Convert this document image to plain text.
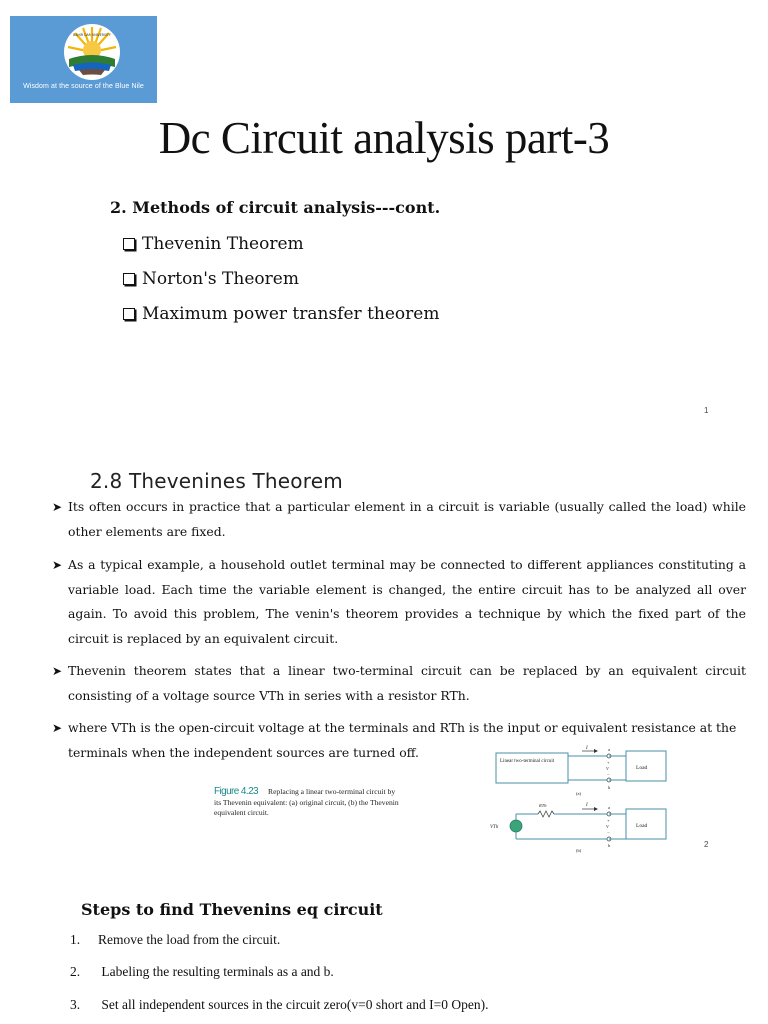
BAHIR DAR UNIVERSITY
Wisdom at the source of the Blue Nile
Dc Circuit analysis part-3
2. Methods of circuit analysis---cont.
Thevenin Theorem
Norton's Theorem
Maximum power transfer theorem
1
2.8 Thevenines Theorem
➤ Its often occurs in practice that a particular element in a circuit is variable (usually called the load) while other elements are fixed.
➤ As a typical example, a household outlet terminal may be connected to different appliances constituting a variable load. Each time the variable element is changed, the entire circuit has to be analyzed all over again. To avoid this problem, The venin's theorem provides a technique by which the fixed part of the circuit is replaced by an equivalent circuit.
➤ Thevenin theorem states that a linear two-terminal circuit can be replaced by an equivalent circuit consisting of a voltage source VTh in series with a resistor RTh.
➤ where VTh is the open-circuit voltage at the terminals and RTh is the input or equivalent resistance at the terminals when the independent sources are turned off.
Figure 4.23 Replacing a linear two-terminal circuit by its Thevenin equivalent: (a) original circuit, (b) the Thevenin equivalent circuit.
Linear two-terminal circuit
I	a
b
+
V
−
Load
(a)
RTh	I
VTh
a
b
+
V
−
Load
(b)
2
Steps to find Thevenins eq circuit
1. Remove the load from the circuit.
2. Labeling the resulting terminals as a and b.
3. Set all independent sources in the circuit zero(v=0 short and I=0 Open).
